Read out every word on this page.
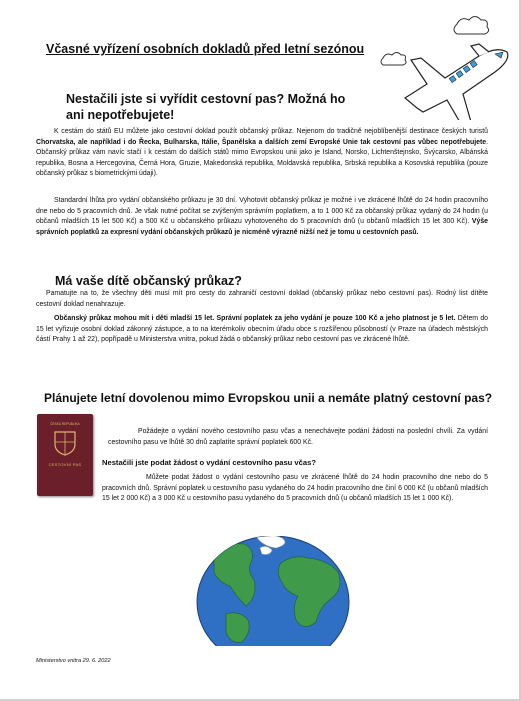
Včasné vyřízení osobních dokladů před letní sezónou
Nestačili jste si vyřídit cestovní pas? Možná ho ani nepotřebujete!
K cestám do států EU můžete jako cestovní doklad použít občanský průkaz. Nejenom do tradičně nejoblíbenější destinace českých turistů Chorvatska, ale například i do Řecka, Bulharska, Itálie, Španělska a dalších zemí Evropské Unie tak cestovní pas vůbec nepotřebujete. Občanský průkaz vám navíc stačí i k cestám do dalších států mimo Evropskou unii jako je Island, Norsko, Lichtenštejnsko, Švýcarsko, Albánská republika, Bosna a Hercegovina, Černá Hora, Gruzie, Makedonská republika, Moldavská republika, Srbská republika a Kosovská republika (pouze občanský průkaz s biometrickými údaji).
Standardní lhůta pro vydání občanského průkazu je 30 dní. Vyhotovit občanský průkaz je možné i ve zkrácené lhůtě do 24 hodin pracovního dne nebo do 5 pracovních dnů. Je však nutné počítat se zvýšeným správním poplatkem, a to 1 000 Kč za občanský průkaz vydaný do 24 hodin (u občanů mladších 15 let 500 Kč) a 500 Kč u občanského průkazu vyhotoveného do 5 pracovních dnů (u občanů mladších 15 let 300 Kč). Výše správních poplatků za expresní vydání občanských průkazů je nicméně výrazně nižší než je tomu u cestovních pasů.
Má vaše dítě občanský průkaz?
Pamatujte na to, že všechny děti musí mít pro cesty do zahraničí cestovní doklad (občanský průkaz nebo cestovní pas). Rodný list dítěte cestovní doklad nenahrazuje.
Občanský průkaz mohou mít i děti mladší 15 let. Správní poplatek za jeho vydání je pouze 100 Kč a jeho platnost je 5 let. Dětem do 15 let vyřizuje osobní doklad zákonný zástupce, a to na kterémkoliv obecním úřadu obce s rozšířenou působností (v Praze na úřadech městských částí Prahy 1 až 22), popřípadě u Ministerstva vnitra, pokud žádá o občanský průkaz nebo cestovní pas ve zkrácené lhůtě.
Plánujete letní dovolenou mimo Evropskou unii a nemáte platný cestovní pas?
ČESKÁ REPUBLIKA
CESTOVNÍ PAS
Požádejte o vydání nového cestovního pasu včas a nenechávejte podání žádosti na poslední chvíli. Za vydání cestovního pasu ve lhůtě 30 dnů zaplatíte správní poplatek 600 Kč.
Nestačili jste podat žádost o vydání cestovního pasu včas?
Můžete podat žádost o vydání cestovního pasu ve zkrácené lhůtě do 24 hodin pracovního dne nebo do 5 pracovních dnů. Správní poplatek u cestovního pasu vydaného do 24 hodin pracovního dne činí 6 000 Kč (u občanů mladších 15 let 2 000 Kč) a 3 000 Kč u cestovního pasu vydaného do 5 pracovních dnů (u občanů mladších 15 let 1 000 Kč).
Ministerstvo vnitra 29. 6. 2022
